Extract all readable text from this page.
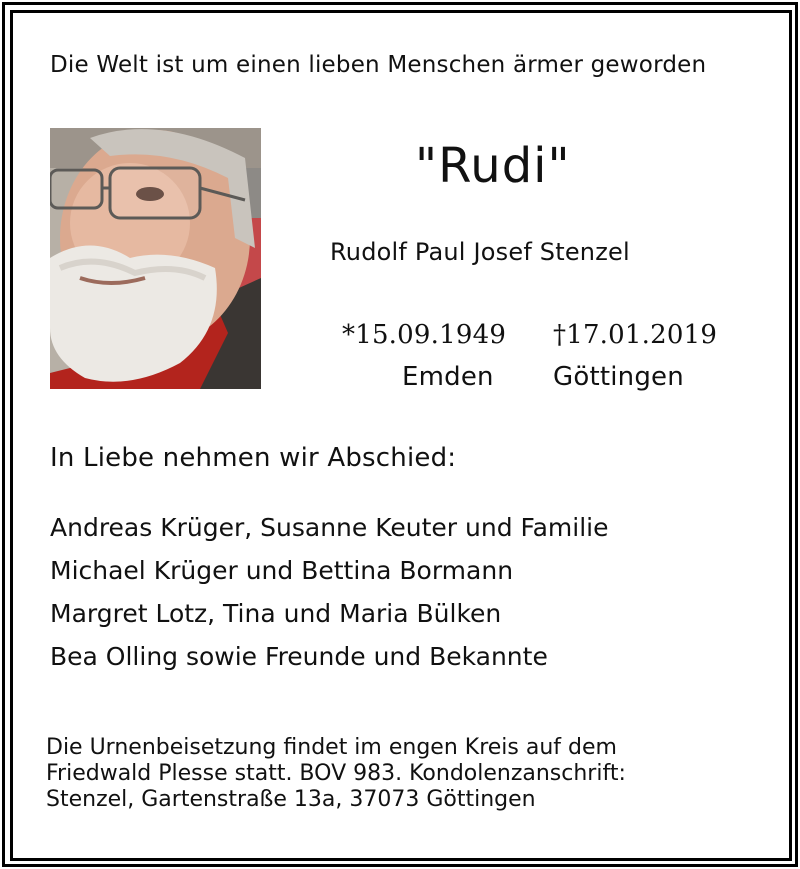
Die Welt ist um einen lieben Menschen ärmer geworden
"Rudi"
Rudolf Paul Josef Stenzel
*15.09.1949 †17.01.2019
Emden Göttingen
In Liebe nehmen wir Abschied:
Andreas Krüger, Susanne Keuter und Familie
Michael Krüger und Bettina Bormann
Margret Lotz, Tina und Maria Bülken
Bea Olling sowie Freunde und Bekannte
Die Urnenbeisetzung findet im engen Kreis auf dem
Friedwald Plesse statt. BOV 983. Kondolenzanschrift:
Stenzel, Gartenstraße 13a, 37073 Göttingen
